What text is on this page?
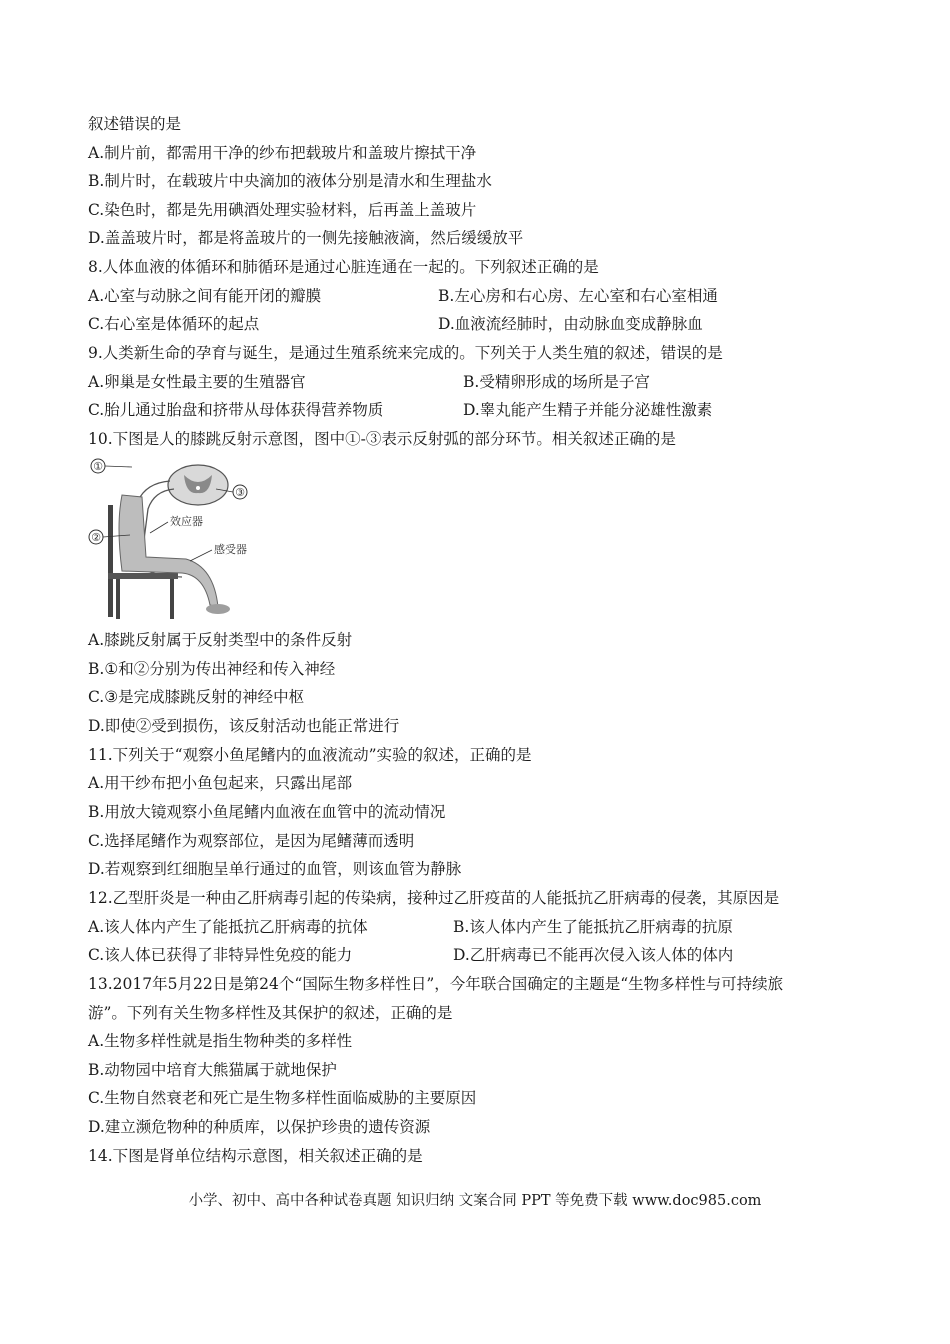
叙述错误的是
A.制片前，都需用干净的纱布把载玻片和盖玻片擦拭干净
B.制片时，在载玻片中央滴加的液体分别是清水和生理盐水
C.染色时，都是先用碘酒处理实验材料，后再盖上盖玻片
D.盖盖玻片时，都是将盖玻片的一侧先接触液滴，然后缓缓放平
8.人体血液的体循环和肺循环是通过心脏连通在一起的。下列叙述正确的是
A.心室与动脉之间有能开闭的瓣膜	B.左心房和右心房、左心室和右心室相通
C.右心室是体循环的起点	D.血液流经肺时，由动脉血变成静脉血
9.人类新生命的孕育与诞生，是通过生殖系统来完成的。下列关于人类生殖的叙述，错误的是
A.卵巢是女性最主要的生殖器官	B.受精卵形成的场所是子宫
C.胎儿通过胎盘和挤带从母体获得营养物质	D.睾丸能产生精子并能分泌雄性激素
10.下图是人的膝跳反射示意图，图中①-③表示反射弧的部分环节。相关叙述正确的是
①
②
③
效应器
感受器
A.膝跳反射属于反射类型中的条件反射
B.①和②分别为传出神经和传入神经
C.③是完成膝跳反射的神经中枢
D.即使②受到损伤，该反射活动也能正常进行
11.下列关于“观察小鱼尾鳍内的血液流动”实验的叙述，正确的是
A.用干纱布把小鱼包起来，只露出尾部
B.用放大镜观察小鱼尾鳍内血液在血管中的流动情况
C.选择尾鳍作为观察部位，是因为尾鳍薄而透明
D.若观察到红细胞呈单行通过的血管，则该血管为静脉
12.乙型肝炎是一种由乙肝病毒引起的传染病，接种过乙肝疫苗的人能抵抗乙肝病毒的侵袭，其原因是
A.该人体内产生了能抵抗乙肝病毒的抗体	B.该人体内产生了能抵抗乙肝病毒的抗原
C.该人体已获得了非特异性免疫的能力	D.乙肝病毒已不能再次侵入该人体的体内
13.2017年5月22日是第24个“国际生物多样性日”，今年联合国确定的主题是“生物多样性与可持续旅
游”。下列有关生物多样性及其保护的叙述，正确的是
A.生物多样性就是指生物种类的多样性
B.动物园中培育大熊猫属于就地保护
C.生物自然衰老和死亡是生物多样性面临威胁的主要原因
D.建立濒危物种的种质库，以保护珍贵的遗传资源
14.下图是肾单位结构示意图，相关叙述正确的是
小学、初中、高中各种试卷真题 知识归纳 文案合同 PPT 等免费下载 www.doc985.com
